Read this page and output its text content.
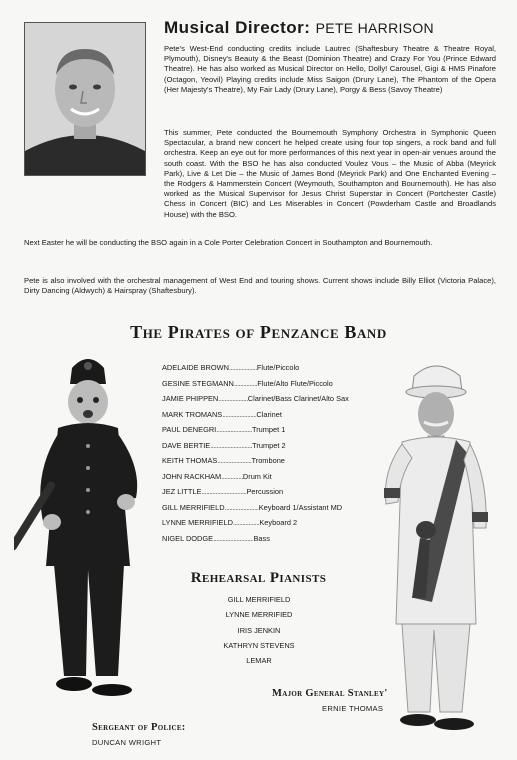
Musical Director: PETE HARRISON

Pete's West-End conducting credits include Lautrec (Shaftesbury Theatre & Theatre Royal, Plymouth), Disney's Beauty & the Beast (Dominion Theatre) and Crazy For You (Prince Edward Theatre). He has also worked as Musical Director on Hello, Dolly! Carousel, Gigi & HMS Pinafore (Octagon, Yeovil) Playing credits include Miss Saigon (Drury Lane), The Phantom of the Opera (Her Majesty's Theatre), My Fair Lady (Drury Lane), Porgy & Bess (Savoy Theatre)

This summer, Pete conducted the Bournemouth Symphony Orchestra in Symphonic Queen Spectacular, a brand new concert he helped create using four top singers, a rock band and full orchestra. Keep an eye out for more performances of this next year in open-air venues around the south coast. With the BSO he has also conducted Voulez Vous – the Music of Abba (Meyrick Park), Live & Let Die – the Music of James Bond (Meyrick Park) and One Enchanted Evening – the Rodgers & Hammerstein Concert (Weymouth, Southampton and Bournemouth). He has also worked as the Musical Supervisor for Jesus Christ Superstar in Concert (Portchester Castle) Chess in Concert (BIC) and Les Miserables in Concert (Powderham Castle and Broadlands House) with the BSO.

Next Easter he will be conducting the BSO again in a Cole Porter Celebration Concert in Southampton and Bournemouth.

Pete is also involved with the orchestral management of West End and touring shows. Current shows include Billy Elliot (Victoria Palace), Dirty Dancing (Aldwych) & Hairspray (Shaftesbury).

The Pirates of Penzance Band
ADELAIDE BROWN .................. Flute/Piccolo
GESINE STEGMANN ............... Flute/Alto Flute/Piccolo
JAMIE PHIPPEN ................... Clarinet/Bass Clarinet/Alto Sax
MARK TROMANS ...................... Clarinet
PAUL DENEGRI ....................... Trumpet 1
DAVE BERTIE ........................... Trumpet 2
KEITH THOMAS ...................... Trombone
JOHN RACKHAM .............. Drum Kit
JEZ LITTLE ............................. Percussion
GILL MERRIFIELD ...................... Keyboard 1/Assistant MD
LYNNE MERRIFIELD ................. Keyboard 2
NIGEL DODGE .......................... Bass
Rehearsal Pianists
GILL MERRIFIELD
LYNNE MERRIFIED
IRIS JENKIN
KATHRYN STEVENS
LEMAR
Major General Stanley'
ERNIE THOMAS
Sergeant of Police:
DUNCAN WRIGHT
